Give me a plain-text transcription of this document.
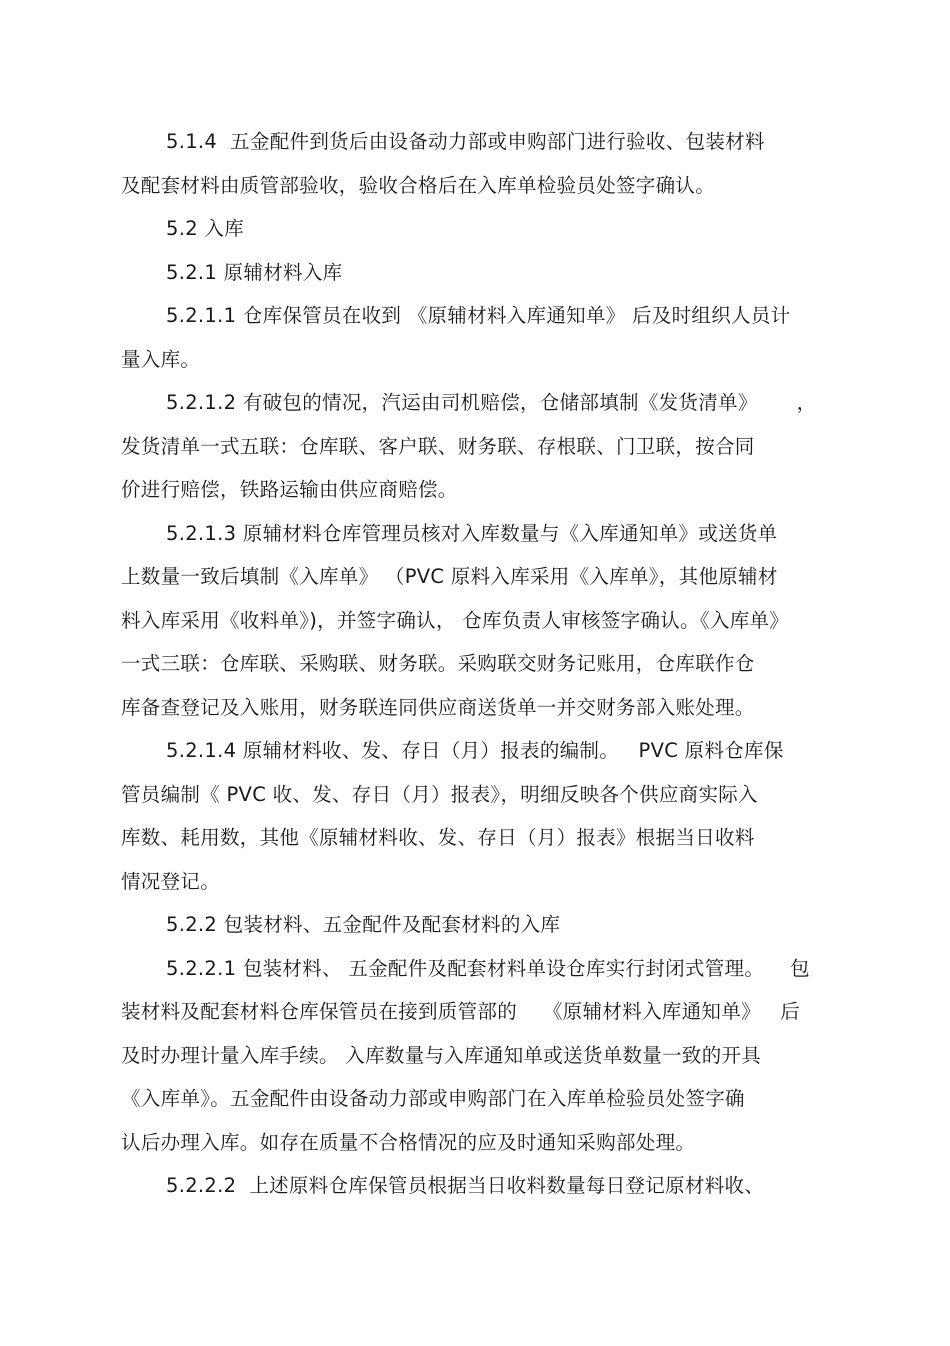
5.1.4  五金配件到货后由设备动力部或申购部门进行验收、包装材料
及配套材料由质管部验收，验收合格后在入库单检验员处签字确认。
5.2 入库
5.2.1 原辅材料入库
5.2.1.1 仓库保管员在收到 《原辅材料入库通知单》 后及时组织人员计
量入库。
5.2.1.2 有破包的情况，汽运由司机赔偿，仓储部填制《发货清单》      ，
发货清单一式五联：仓库联、客户联、财务联、存根联、门卫联，按合同
价进行赔偿，铁路运输由供应商赔偿。
5.2.1.3 原辅材料仓库管理员核对入库数量与《入库通知单》或送货单
上数量一致后填制《入库单》 （PVC 原料入库采用《入库单》，其他原辅材
料入库采用《收料单》)，并签字确认， 仓库负责人审核签字确认。《入库单》
一式三联：仓库联、采购联、财务联。采购联交财务记账用，仓库联作仓
库备查登记及入账用，财务联连同供应商送货单一并交财务部入账处理。
5.2.1.4 原辅材料收、发、存日（月）报表的编制。   PVC 原料仓库保
管员编制《 PVC 收、发、存日（月）报表》，明细反映各个供应商实际入
库数、耗用数，其他《原辅材料收、发、存日（月）报表》根据当日收料
情况登记。
5.2.2 包装材料、五金配件及配套材料的入库
5.2.2.1 包装材料、 五金配件及配套材料单设仓库实行封闭式管理。    包
装材料及配套材料仓库保管员在接到质管部的    《原辅材料入库通知单》   后
及时办理计量入库手续。 入库数量与入库通知单或送货单数量一致的开具
《入库单》。五金配件由设备动力部或申购部门在入库单检验员处签字确
认后办理入库。如存在质量不合格情况的应及时通知采购部处理。
5.2.2.2  上述原料仓库保管员根据当日收料数量每日登记原材料收、
